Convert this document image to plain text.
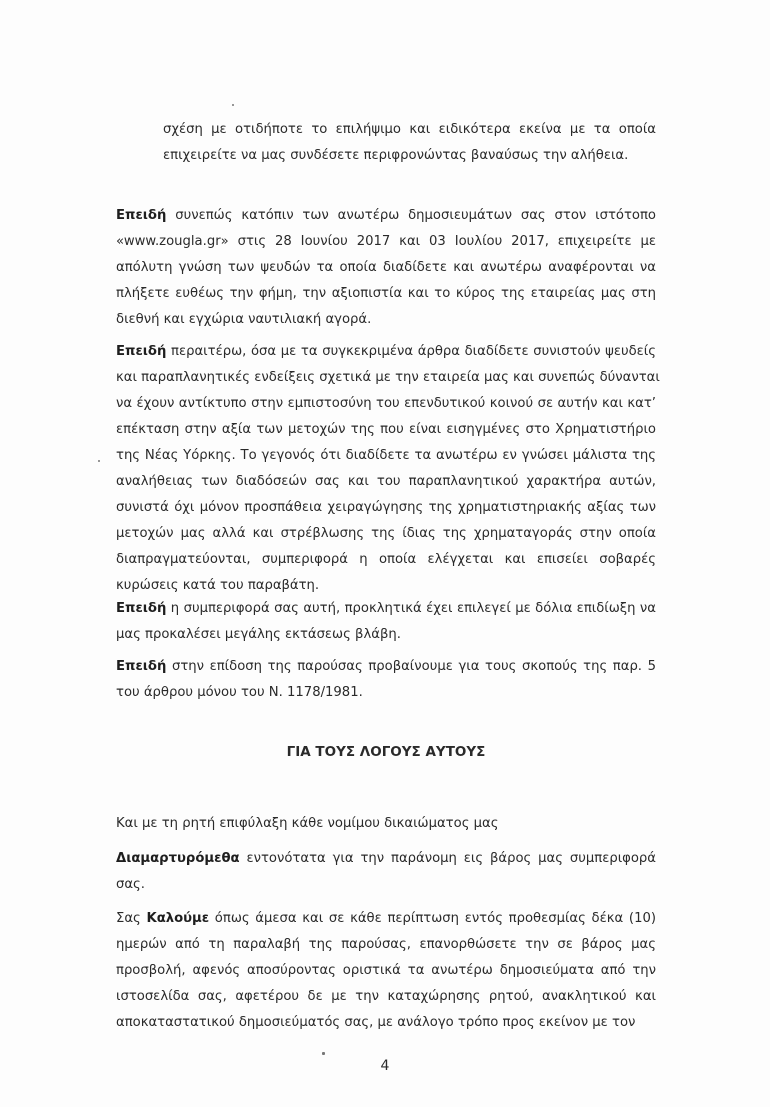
σχέση με οτιδήποτε το επιλήψιμο και ειδικότερα εκείνα με τα οποία
επιχειρείτε να μας συνδέσετε περιφρονώντας βαναύσως την αλήθεια.
Επειδή συνεπώς κατόπιν των ανωτέρω δημοσιευμάτων σας στον ιστότοπο
«www.zougla.gr» στις 28 Ιουνίου 2017 και 03 Ιουλίου 2017, επιχειρείτε με
απόλυτη γνώση των ψευδών τα οποία διαδίδετε και ανωτέρω αναφέρονται να
πλήξετε ευθέως την φήμη, την αξιοπιστία και το κύρος της εταιρείας μας στη
διεθνή και εγχώρια ναυτιλιακή αγορά.
Επειδή περαιτέρω, όσα με τα συγκεκριμένα άρθρα διαδίδετε συνιστούν ψευδείς
και παραπλανητικές ενδείξεις σχετικά με την εταιρεία μας και συνεπώς δύνανται
να έχουν αντίκτυπο στην εμπιστοσύνη του επενδυτικού κοινού σε αυτήν και κατ’
επέκταση στην αξία των μετοχών της που είναι εισηγμένες στο Χρηματιστήριο
της Νέας Υόρκης. Το γεγονός ότι διαδίδετε τα ανωτέρω εν γνώσει μάλιστα της
αναλήθειας των διαδόσεών σας και του παραπλανητικού χαρακτήρα αυτών,
συνιστά όχι μόνον προσπάθεια χειραγώγησης της χρηματιστηριακής αξίας των
μετοχών μας αλλά και στρέβλωσης της ίδιας της χρηματαγοράς στην οποία
διαπραγματεύονται, συμπεριφορά η οποία ελέγχεται και επισείει σοβαρές
κυρώσεις κατά του παραβάτη.
Επειδή η συμπεριφορά σας αυτή, προκλητικά έχει επιλεγεί με δόλια επιδίωξη να
μας προκαλέσει μεγάλης εκτάσεως βλάβη.
Επειδή στην επίδοση της παρούσας προβαίνουμε για τους σκοπούς της παρ. 5
του άρθρου μόνου του Ν. 1178/1981.
Και με τη ρητή επιφύλαξη κάθε νομίμου δικαιώματος μας
Διαμαρτυρόμεθα εντονότατα για την παράνομη εις βάρος μας συμπεριφορά
σας.
Σας Καλούμε όπως άμεσα και σε κάθε περίπτωση εντός προθεσμίας δέκα (10)
ημερών από τη παραλαβή της παρούσας, επανορθώσετε την σε βάρος μας
προσβολή, αφενός αποσύροντας οριστικά τα ανωτέρω δημοσιεύματα από την
ιστοσελίδα σας, αφετέρου δε με την καταχώρησης ρητού, ανακλητικού και
αποκαταστατικού δημοσιεύματός σας, με ανάλογο τρόπο προς εκείνον με τον
ΓΙΑ ΤΟΥΣ ΛΟΓΟΥΣ ΑΥΤΟΥΣ
4
